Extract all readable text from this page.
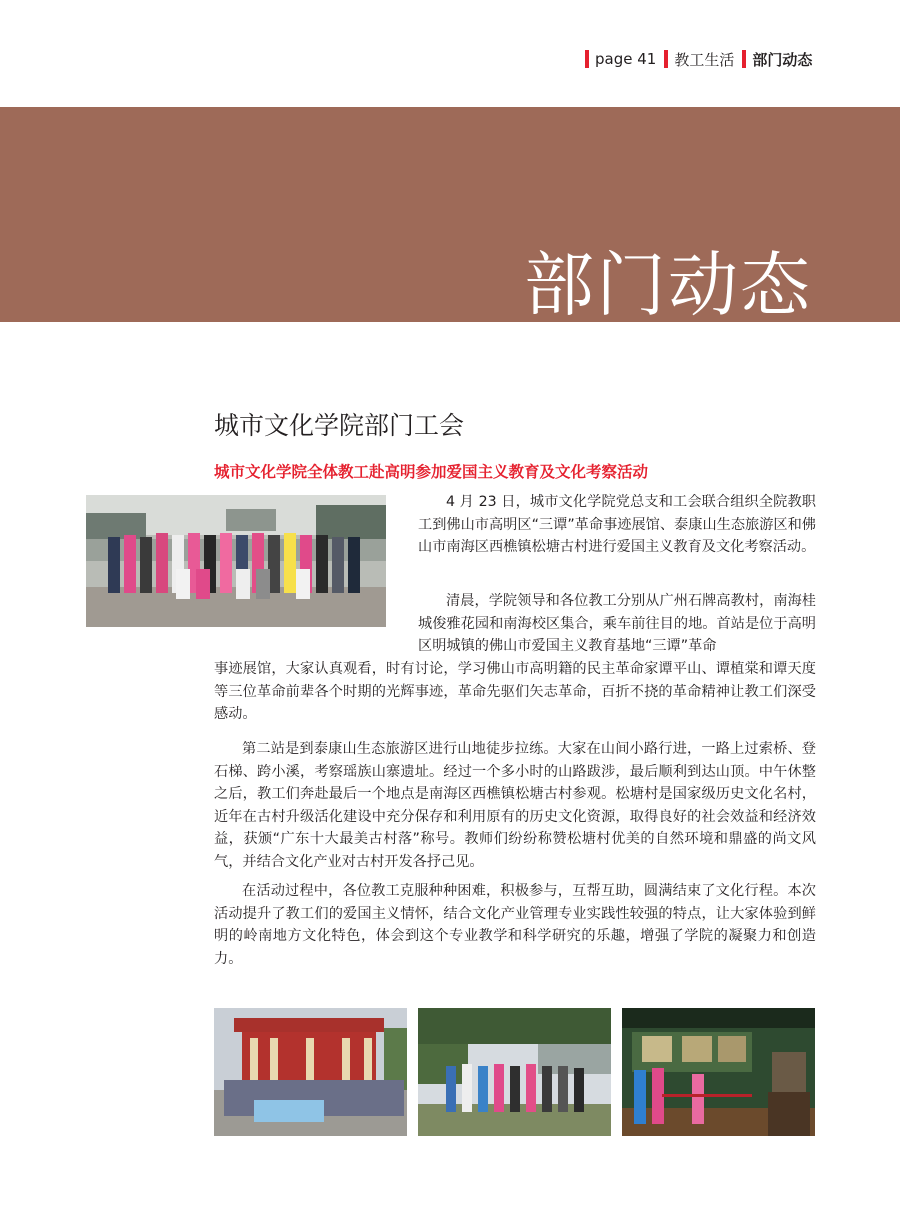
page 41 教工生活 部门动态
部门动态
城市文化学院部门工会
城市文化学院全体教工赴高明参加爱国主义教育及文化考察活动

4 月 23 日，城市文化学院党总支和工会联合组织全院教职工到佛山市高明区“三谭”革命事迹展馆、泰康山生态旅游区和佛山市南海区西樵镇松塘古村进行爱国主义教育及文化考察活动。

清晨，学院领导和各位教工分别从广州石牌高教村，南海桂城俊雅花园和南海校区集合，乘车前往目的地。首站是位于高明区明城镇的佛山市爱国主义教育基地“三谭”革命

事迹展馆，大家认真观看，时有讨论，学习佛山市高明籍的民主革命家谭平山、谭植棠和谭天度等三位革命前辈各个时期的光辉事迹，革命先驱们矢志革命，百折不挠的革命精神让教工们深受感动。

第二站是到泰康山生态旅游区进行山地徒步拉练。大家在山间小路行进，一路上过索桥、登石梯、跨小溪，考察瑶族山寨遗址。经过一个多小时的山路跋涉，最后顺利到达山顶。中午休整之后，教工们奔赴最后一个地点是南海区西樵镇松塘古村参观。松塘村是国家级历史文化名村，近年在古村升级活化建设中充分保存和利用原有的历史文化资源，取得良好的社会效益和经济效益，获颁“广东十大最美古村落”称号。教师们纷纷称赞松塘村优美的自然环境和鼎盛的尚文风气，并结合文化产业对古村开发各抒己见。

在活动过程中，各位教工克服种种困难，积极参与，互帮互助，圆满结束了文化行程。本次活动提升了教工们的爱国主义情怀，结合文化产业管理专业实践性较强的特点，让大家体验到鲜明的岭南地方文化特色，体会到这个专业教学和科学研究的乐趣，增强了学院的凝聚力和创造力。
